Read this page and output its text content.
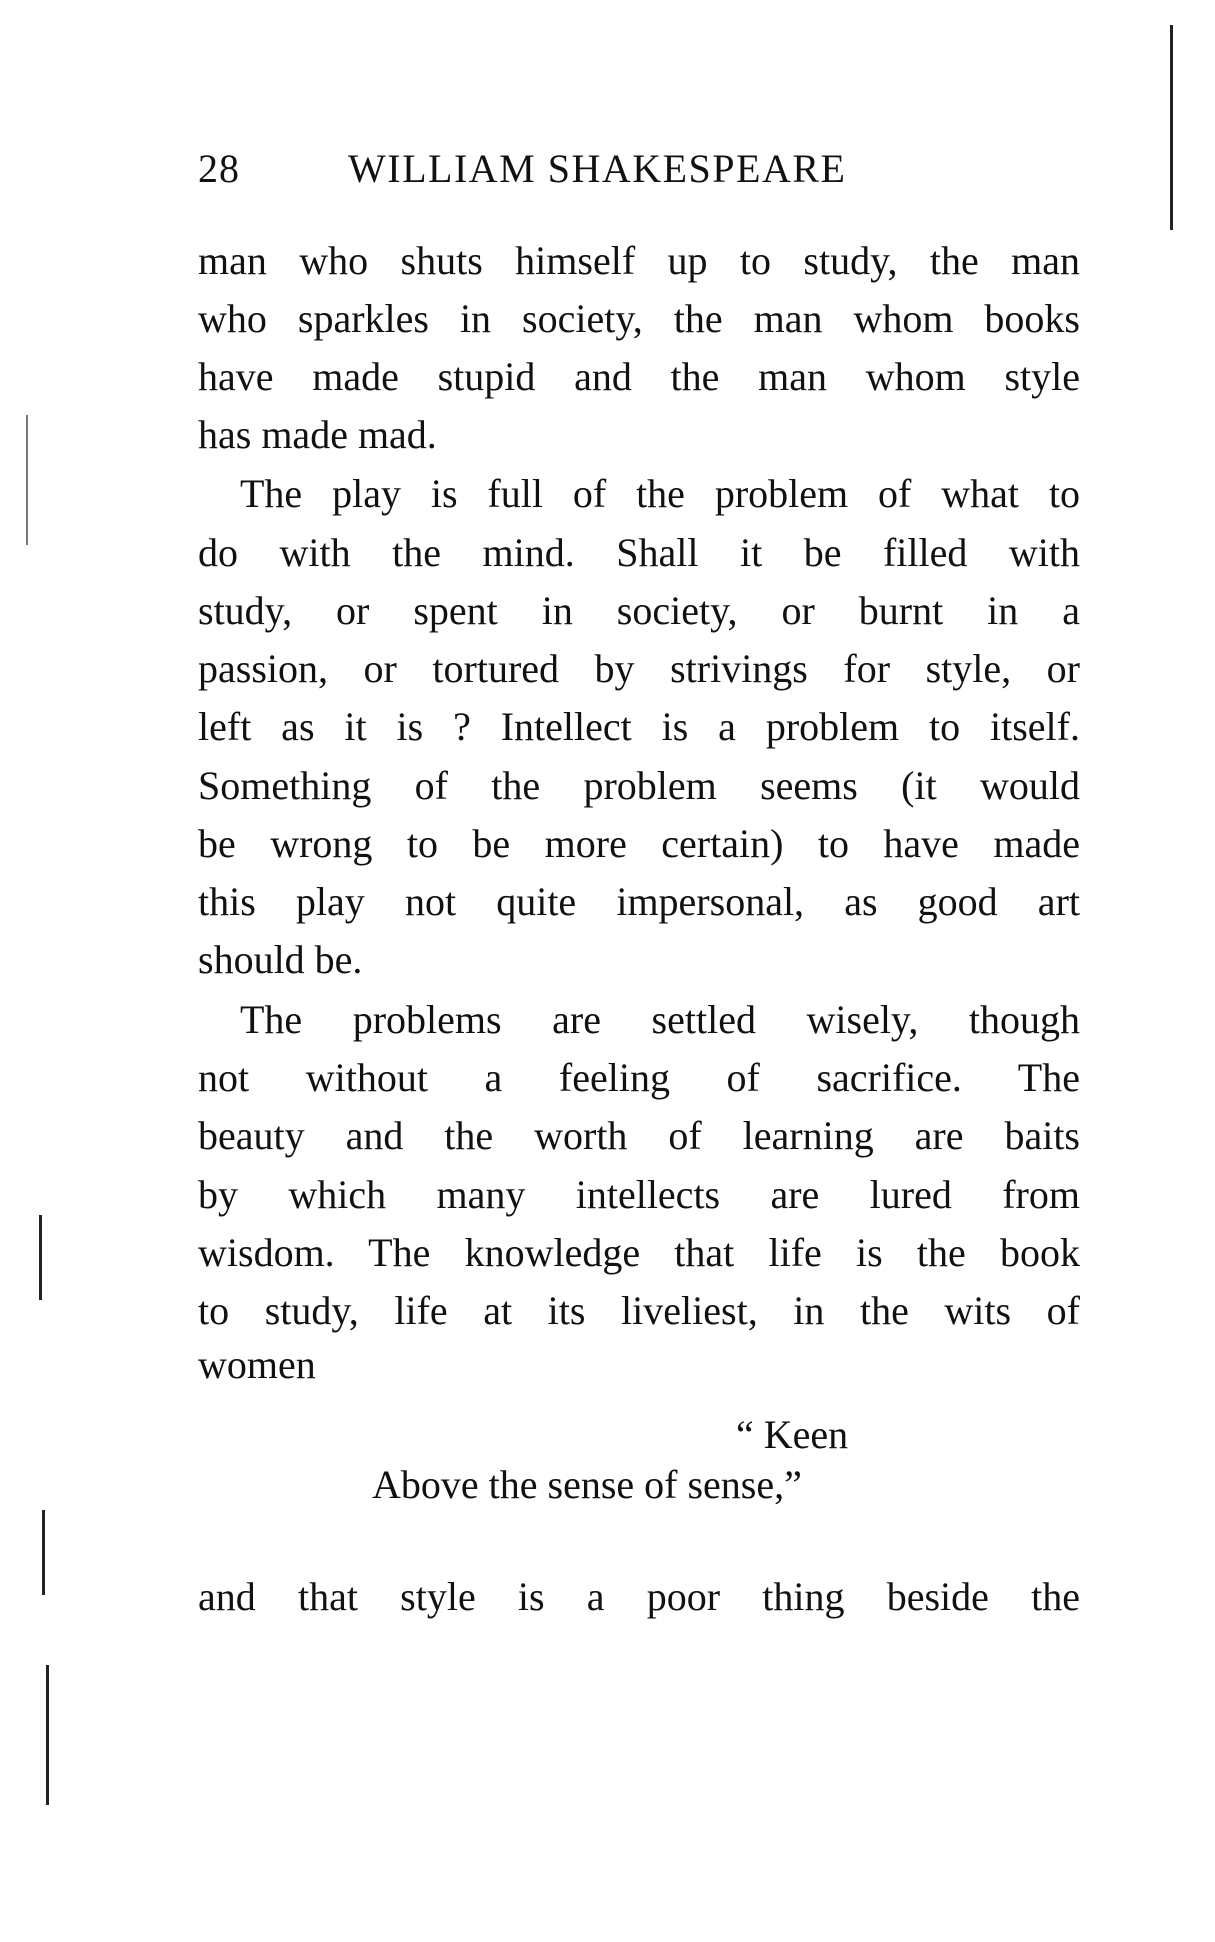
28	WILLIAM SHAKESPEARE
man who shuts himself up to study, the man
who sparkles in society, the man whom books
have made stupid and the man whom style
has made mad.
The play is full of the problem of what to
do with the mind. Shall it be filled with
study, or spent in society, or burnt in a
passion, or tortured by strivings for style, or
left as it is ? Intellect is a problem to itself.
Something of the problem seems (it would
be wrong to be more certain) to have made
this play not quite impersonal, as good art
should be.
The problems are settled wisely, though
not without a feeling of sacrifice. The
beauty and the worth of learning are baits
by which many intellects are lured from
wisdom. The knowledge that life is the book
to study, life at its liveliest, in the wits of
women
“ Keen
Above the sense of sense,”
and that style is a poor thing beside the
